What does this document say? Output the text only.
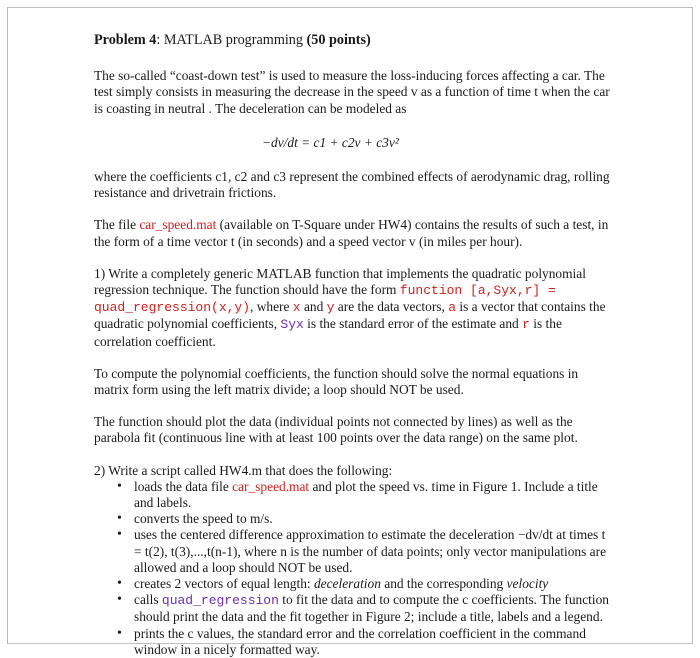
Problem 4: MATLAB programming (50 points)

The so-called “coast-down test” is used to measure the loss-inducing forces affecting a car. The test simply consists in measuring the decrease in the speed v as a function of time t when the car is coasting in neutral . The deceleration can be modeled as

−dv/dt = c1 + c2v + c3v²

where the coefficients c1, c2 and c3 represent the combined effects of aerodynamic drag, rolling resistance and drivetrain frictions.

The file car_speed.mat (available on T-Square under HW4) contains the results of such a test, in the form of a time vector t (in seconds) and a speed vector v (in miles per hour).

1) Write a completely generic MATLAB function that implements the quadratic polynomial regression technique. The function should have the form function [a,Syx,r] = quad_regression(x,y), where x and y are the data vectors, a is a vector that contains the quadratic polynomial coefficients, Syx is the standard error of the estimate and r is the correlation coefficient.

To compute the polynomial coefficients, the function should solve the normal equations in matrix form using the left matrix divide; a loop should NOT be used.

The function should plot the data (individual points not connected by lines) as well as the parabola fit (continuous line with at least 100 points over the data range) on the same plot.

2) Write a script called HW4.m that does the following:

• loads the data file car_speed.mat and plot the speed vs. time in Figure 1. Include a title and labels.
• converts the speed to m/s.
• uses the centered difference approximation to estimate the deceleration −dv/dt at times t = t(2), t(3),...,t(n-1), where n is the number of data points; only vector manipulations are allowed and a loop should NOT be used.
• creates 2 vectors of equal length: deceleration and the corresponding velocity
• calls quad_regression to fit the data and to compute the c coefficients. The function should print the data and the fit together in Figure 2; include a title, labels and a legend.
• prints the c values, the standard error and the correlation coefficient in the command window in a nicely formatted way.
